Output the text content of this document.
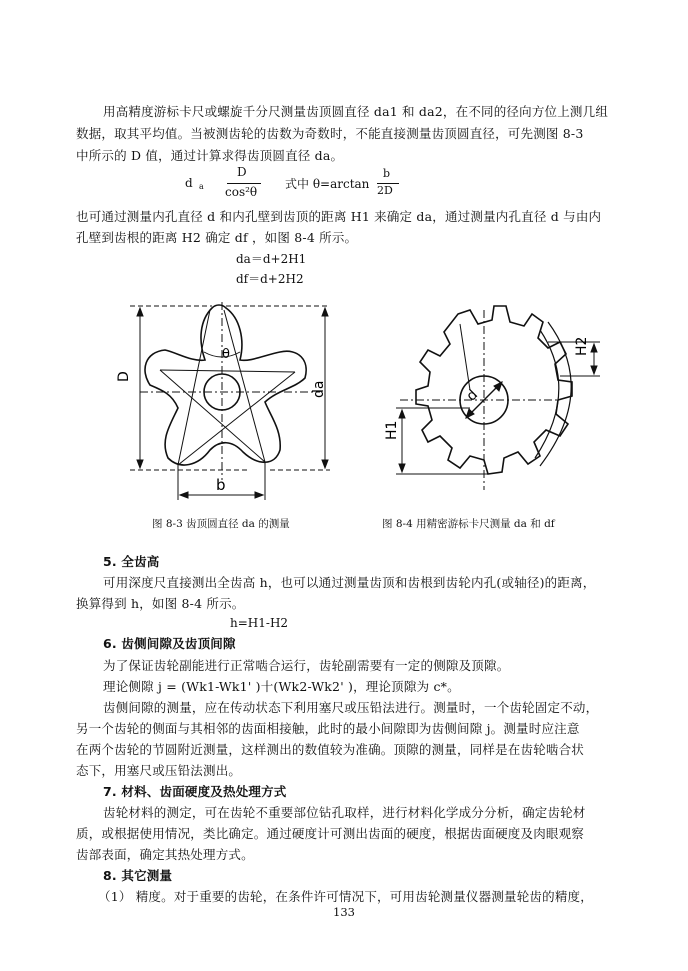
用高精度游标卡尺或螺旋千分尺测量齿顶圆直径 da1 和 da2，在不同的径向方位上测几组
数据，取其平均值。当被测齿轮的齿数为奇数时，不能直接测量齿顶圆直径，可先测图 8-3
中所示的 D 值，通过计算求得齿顶圆直径 da。
d a
D
cos²θ
式中 θ=arctan
b
2D
也可通过测量内孔直径 d 和内孔壁到齿顶的距离 H1 来确定 da，通过测量内孔直径 d 与由内
孔壁到齿根的距离 H2 确定 df ，如图 8-4 所示。
da＝d+2H1
df＝d+2H2
D
da
b
θ
d
H1
H2
图 8-3 齿顶圆直径 da 的测量	图 8-4 用精密游标卡尺测量 da 和 df
5. 全齿高
可用深度尺直接测出全齿高 h，也可以通过测量齿顶和齿根到齿轮内孔(或轴径)的距离，
换算得到 h，如图 8-4 所示。
h=H1-H2
6. 齿侧间隙及齿顶间隙
为了保证齿轮副能进行正常啮合运行，齿轮副需要有一定的侧隙及顶隙。
理论侧隙 j = (Wk1-Wk1' )十(Wk2-Wk2' )，理论顶隙为 c*。
齿侧间隙的测量，应在传动状态下利用塞尺或压铅法进行。测量时，一个齿轮固定不动，
另一个齿轮的侧面与其相邻的齿面相接触，此时的最小间隙即为齿侧间隙 j。测量时应注意
在两个齿轮的节圆附近测量，这样测出的数值较为准确。顶隙的测量，同样是在齿轮啮合状
态下，用塞尺或压铅法测出。
7. 材料、齿面硬度及热处理方式
齿轮材料的测定，可在齿轮不重要部位钻孔取样，进行材料化学成分分析，确定齿轮材
质，或根据使用情况，类比确定。通过硬度计可测出齿面的硬度，根据齿面硬度及肉眼观察
齿部表面，确定其热处理方式。
8. 其它测量
（1） 精度。对于重要的齿轮，在条件许可情况下，可用齿轮测量仪器测量轮齿的精度，
133
